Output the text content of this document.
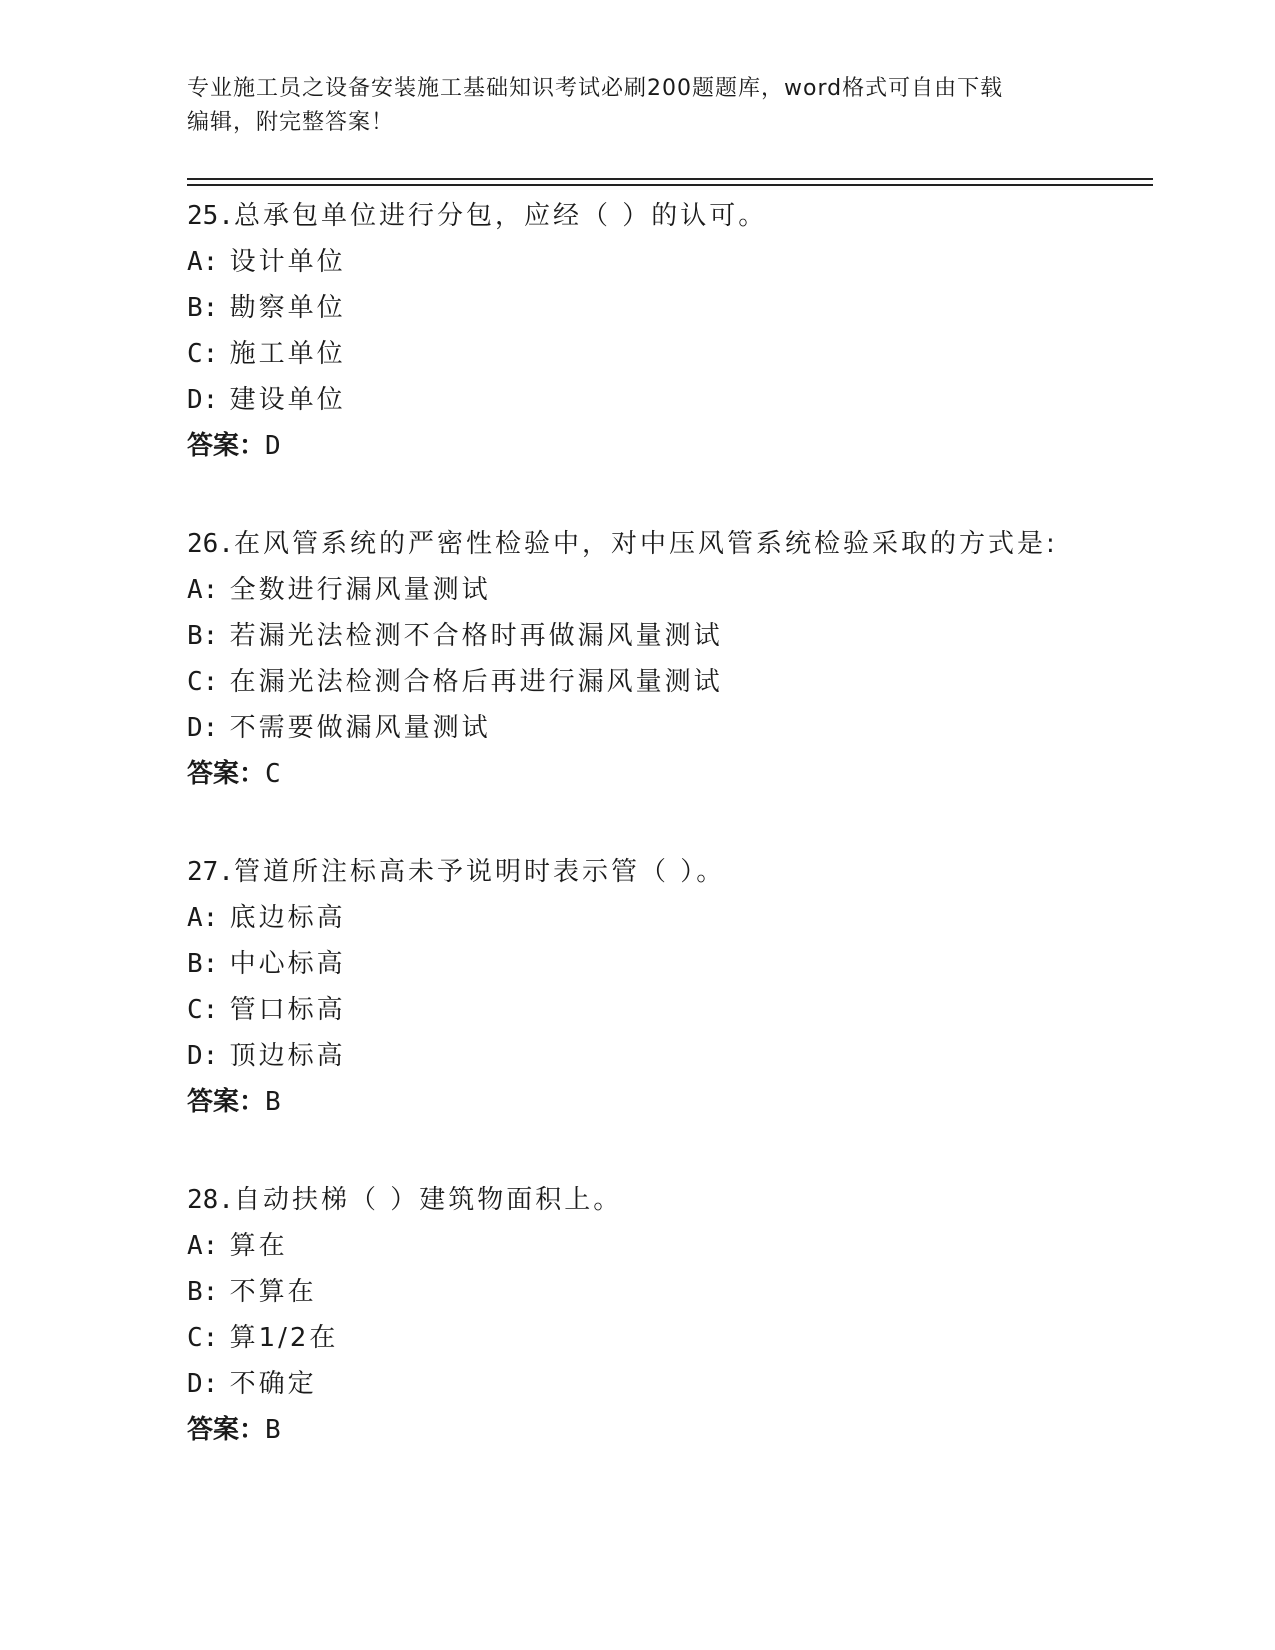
专业施工员之设备安装施工基础知识考试必刷200题题库，word格式可自由下载
编辑，附完整答案！
25.总承包单位进行分包，应经（ ）的认可。
A: 设计单位
B: 勘察单位
C: 施工单位
D: 建设单位
答案：D
26.在风管系统的严密性检验中，对中压风管系统检验采取的方式是:
A: 全数进行漏风量测试
B: 若漏光法检测不合格时再做漏风量测试
C: 在漏光法检测合格后再进行漏风量测试
D: 不需要做漏风量测试
答案：C
27.管道所注标高未予说明时表示管（ ）。
A: 底边标高
B: 中心标高
C: 管口标高
D: 顶边标高
答案：B
28.自动扶梯（ ）建筑物面积上。
A: 算在
B: 不算在
C: 算1/2在
D: 不确定
答案：B
